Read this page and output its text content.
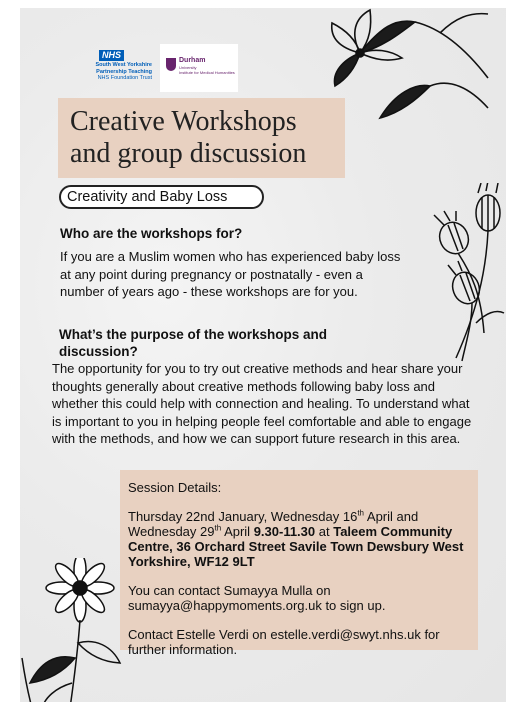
NHS
South West Yorkshire Partnership Teaching
NHS Foundation Trust
Durham
University
Institute for Medical Humanities
Creative Workshops and group discussion
Creativity and Baby Loss
Who are the workshops for?
If you are a Muslim women who has experienced baby loss at any point during pregnancy or postnatally - even a number of years ago - these workshops are for you.
What’s the purpose of the workshops and discussion?
The opportunity for you to try out creative methods and hear share your thoughts generally about creative methods following baby loss and whether this could help with connection and healing. To understand what is important to you in helping people feel comfortable and able to engage with the methods, and how we can support future research in this area.
Session Details:
Thursday 22nd January, Wednesday 16th April and Wednesday 29th April 9.30-11.30 at Taleem Community Centre, 36 Orchard Street Savile Town Dewsbury West Yorkshire, WF12 9LT
You can contact Sumayya Mulla on sumayya@happymoments.org.uk to sign up.
Contact Estelle Verdi on estelle.verdi@swyt.nhs.uk for further information.
